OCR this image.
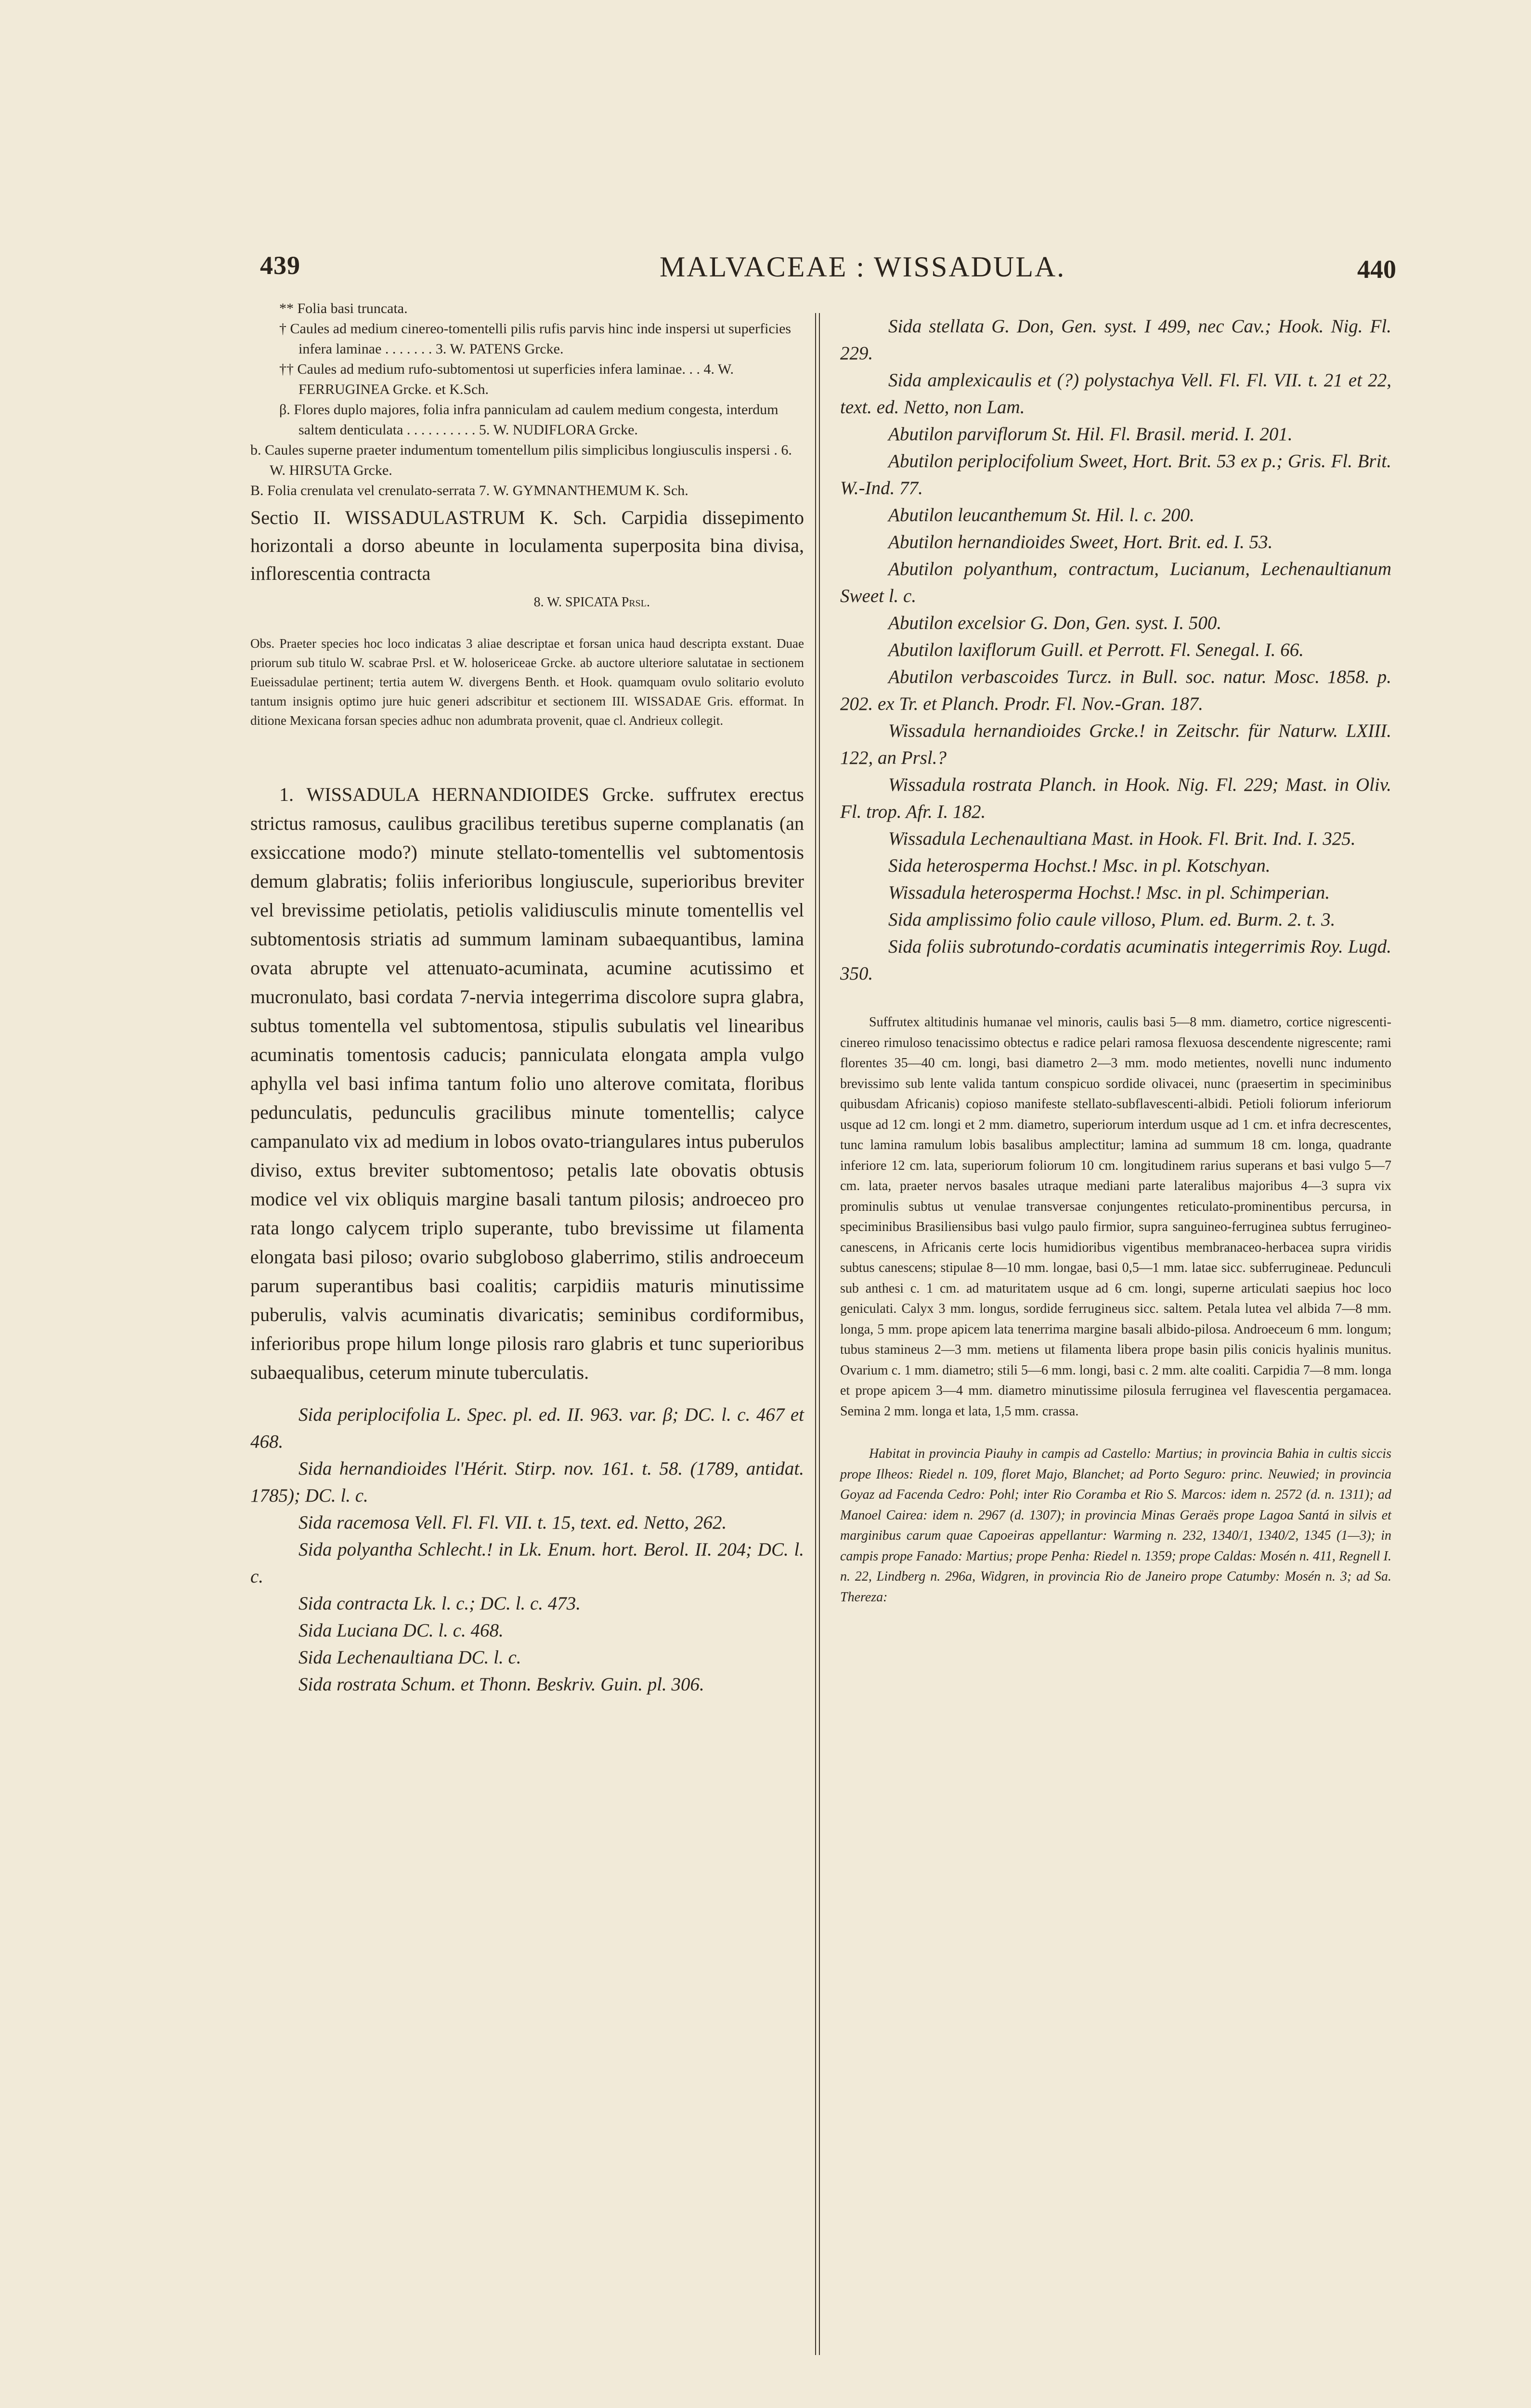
439	MALVACEAE : WISSADULA.	440
** Folia basi truncata.
† Caules ad medium cinereo-tomentelli pilis rufis parvis hinc inde inspersi ut superficies infera laminae . . . . . . . 3. W. PATENS Grcke.
†† Caules ad medium rufo-subtomentosi ut superficies infera laminae. . . 4. W. FERRUGINEA Grcke. et K.Sch.
β. Flores duplo majores, folia infra panniculam ad caulem medium congesta, interdum saltem denticulata . . . . . . . . . . 5. W. NUDIFLORA Grcke.
b. Caules superne praeter indumentum tomentellum pilis simplicibus longiusculis inspersi . 6. W. HIRSUTA Grcke.
B. Folia crenulata vel crenulato-serrata 7. W. GYMNANTHEMUM K. Sch.
Sectio II. WISSADULASTRUM K. Sch. Carpidia dissepimento horizontali a dorso abeunte in loculamenta superposita bina divisa, inflorescentia contracta
8. W. SPICATA Prsl.
Obs. Praeter species hoc loco indicatas 3 aliae descriptae et forsan unica haud descripta exstant. Duae priorum sub titulo W. scabrae Prsl. et W. holosericeae Grcke. ab auctore ulteriore salutatae in sectionem Eueissadulae pertinent; tertia autem W. divergens Benth. et Hook. quamquam ovulo solitario evoluto tantum insignis optimo jure huic generi adscribitur et sectionem III. WISSADAE Gris. efformat. In ditione Mexicana forsan species adhuc non adumbrata provenit, quae cl. Andrieux collegit.
1. WISSADULA HERNANDIOIDES Grcke. suffrutex erectus strictus ramosus, caulibus gracilibus teretibus superne complanatis (an exsiccatione modo?) minute stellato-tomentellis vel subtomentosis demum glabratis; foliis inferioribus longiuscule, superioribus breviter vel brevissime petiolatis, petiolis validiusculis minute tomentellis vel subtomentosis striatis ad summum laminam subaequantibus, lamina ovata abrupte vel attenuato-acuminata, acumine acutissimo et mucronulato, basi cordata 7-nervia integerrima discolore supra glabra, subtus tomentella vel subtomentosa, stipulis subulatis vel linearibus acuminatis tomentosis caducis; panniculata elongata ampla vulgo aphylla vel basi infima tantum folio uno alterove comitata, floribus pedunculatis, pedunculis gracilibus minute tomentellis; calyce campanulato vix ad medium in lobos ovato-triangulares intus puberulos diviso, extus breviter subtomentoso; petalis late obovatis obtusis modice vel vix obliquis margine basali tantum pilosis; androeceo pro rata longo calycem triplo superante, tubo brevissime ut filamenta elongata basi piloso; ovario subgloboso glaberrimo, stilis androeceum parum superantibus basi coalitis; carpidiis maturis minutissime puberulis, valvis acuminatis divaricatis; seminibus cordiformibus, inferioribus prope hilum longe pilosis raro glabris et tunc superioribus subaequalibus, ceterum minute tuberculatis.

Sida periplocifolia L. Spec. pl. ed. II. 963. var. β; DC. l. c. 467 et 468.

Sida hernandioides l'Hérit. Stirp. nov. 161. t. 58. (1789, antidat. 1785); DC. l. c.

Sida racemosa Vell. Fl. Fl. VII. t. 15, text. ed. Netto, 262.

Sida polyantha Schlecht.! in Lk. Enum. hort. Berol. II. 204; DC. l. c.

Sida contracta Lk. l. c.; DC. l. c. 473.

Sida Luciana DC. l. c. 468.

Sida Lechenaultiana DC. l. c.

Sida rostrata Schum. et Thonn. Beskriv. Guin. pl. 306.

Sida stellata G. Don, Gen. syst. I 499, nec Cav.; Hook. Nig. Fl. 229.

Sida amplexicaulis et (?) polystachya Vell. Fl. Fl. VII. t. 21 et 22, text. ed. Netto, non Lam.

Abutilon parviflorum St. Hil. Fl. Brasil. merid. I. 201.

Abutilon periplocifolium Sweet, Hort. Brit. 53 ex p.; Gris. Fl. Brit. W.-Ind. 77.

Abutilon leucanthemum St. Hil. l. c. 200.

Abutilon hernandioides Sweet, Hort. Brit. ed. I. 53.

Abutilon polyanthum, contractum, Lucianum, Lechenaultianum Sweet l. c.

Abutilon excelsior G. Don, Gen. syst. I. 500.

Abutilon laxiflorum Guill. et Perrott. Fl. Senegal. I. 66.

Abutilon verbascoides Turcz. in Bull. soc. natur. Mosc. 1858. p. 202. ex Tr. et Planch. Prodr. Fl. Nov.-Gran. 187.

Wissadula hernandioides Grcke.! in Zeitschr. für Naturw. LXIII. 122, an Prsl.?

Wissadula rostrata Planch. in Hook. Nig. Fl. 229; Mast. in Oliv. Fl. trop. Afr. I. 182.

Wissadula Lechenaultiana Mast. in Hook. Fl. Brit. Ind. I. 325.

Sida heterosperma Hochst.! Msc. in pl. Kotschyan.

Wissadula heterosperma Hochst.! Msc. in pl. Schimperian.

Sida amplissimo folio caule villoso, Plum. ed. Burm. 2. t. 3.

Sida foliis subrotundo-cordatis acuminatis integerrimis Roy. Lugd. 350.

Suffrutex altitudinis humanae vel minoris, caulis basi 5—8 mm. diametro, cortice nigrescenti-cinereo rimuloso tenacissimo obtectus e radice pelari ramosa flexuosa descendente nigrescente; rami florentes 35—40 cm. longi, basi diametro 2—3 mm. modo metientes, novelli nunc indumento brevissimo sub lente valida tantum conspicuo sordide olivacei, nunc (praesertim in speciminibus quibusdam Africanis) copioso manifeste stellato-subflavescenti-albidi. Petioli foliorum inferiorum usque ad 12 cm. longi et 2 mm. diametro, superiorum interdum usque ad 1 cm. et infra decrescentes, tunc lamina ramulum lobis basalibus amplectitur; lamina ad summum 18 cm. longa, quadrante inferiore 12 cm. lata, superiorum foliorum 10 cm. longitudinem rarius superans et basi vulgo 5—7 cm. lata, praeter nervos basales utraque mediani parte lateralibus majoribus 4—3 supra vix prominulis subtus ut venulae transversae conjungentes reticulato-prominentibus percursa, in speciminibus Brasiliensibus basi vulgo paulo firmior, supra sanguineo-ferruginea subtus ferrugineo-canescens, in Africanis certe locis humidioribus vigentibus membranaceo-herbacea supra viridis subtus canescens; stipulae 8—10 mm. longae, basi 0,5—1 mm. latae sicc. subferrugineae. Pedunculi sub anthesi c. 1 cm. ad maturitatem usque ad 6 cm. longi, superne articulati saepius hoc loco geniculati. Calyx 3 mm. longus, sordide ferrugineus sicc. saltem. Petala lutea vel albida 7—8 mm. longa, 5 mm. prope apicem lata tenerrima margine basali albido-pilosa. Androeceum 6 mm. longum; tubus stamineus 2—3 mm. metiens ut filamenta libera prope basin pilis conicis hyalinis munitus. Ovarium c. 1 mm. diametro; stili 5—6 mm. longi, basi c. 2 mm. alte coaliti. Carpidia 7—8 mm. longa et prope apicem 3—4 mm. diametro minutissime pilosula ferruginea vel flavescentia pergamacea. Semina 2 mm. longa et lata, 1,5 mm. crassa.
Habitat in provincia Piauhy in campis ad Castello: Martius; in provincia Bahia in cultis siccis prope Ilheos: Riedel n. 109, floret Majo, Blanchet; ad Porto Seguro: princ. Neuwied; in provincia Goyaz ad Facenda Cedro: Pohl; inter Rio Coramba et Rio S. Marcos: idem n. 2572 (d. n. 1311); ad Manoel Cairea: idem n. 2967 (d. 1307); in provincia Minas Geraës prope Lagoa Santá in silvis et marginibus carum quae Capoeiras appellantur: Warming n. 232, 1340/1, 1340/2, 1345 (1—3); in campis prope Fanado: Martius; prope Penha: Riedel n. 1359; prope Caldas: Mosén n. 411, Regnell I. n. 22, Lindberg n. 296a, Widgren, in provincia Rio de Janeiro prope Catumby: Mosén n. 3; ad Sa. Thereza:
